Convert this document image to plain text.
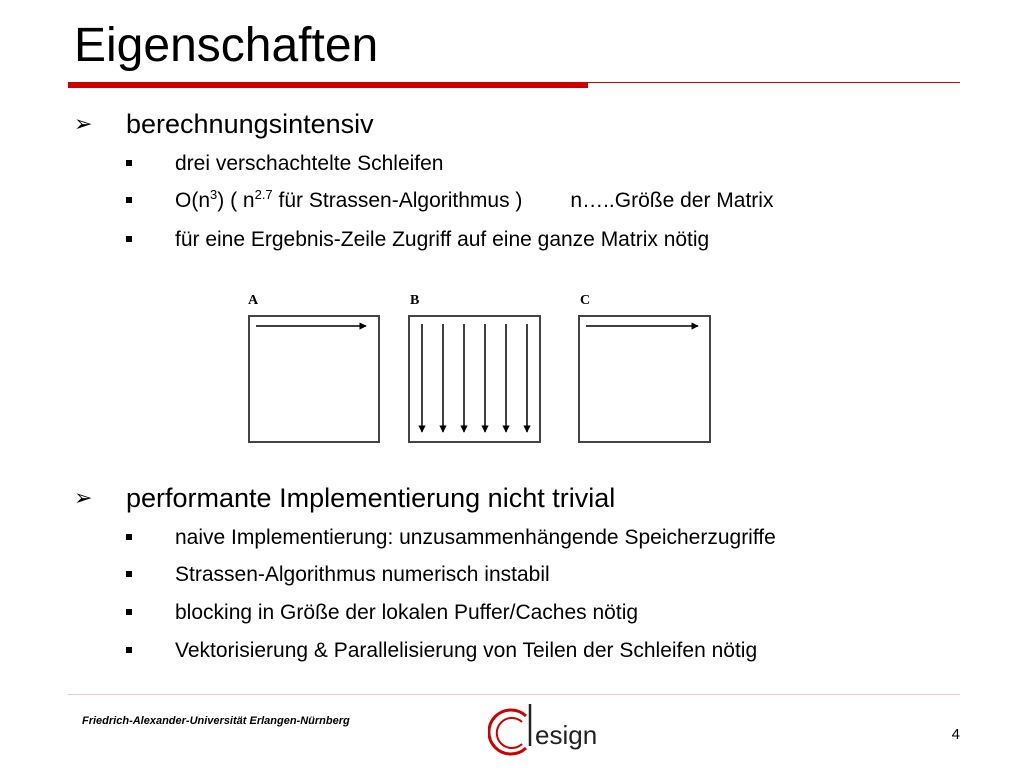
Eigenschaften
➢ berechnungsintensiv
drei verschachtelte Schleifen
$O(n^3)$ ( $n^{2.7}$ für Strassen-Algorithmus ) n…..Größe der Matrix
für eine Ergebnis-Zeile Zugriff auf eine ganze Matrix nötig
A	B	C
➢ performante Implementierung nicht trivial
naive Implementierung: unzusammenhängende Speicherzugriffe
Strassen-Algorithmus numerisch instabil
blocking in Größe der lokalen Puffer/Caches nötig
Vektorisierung & Parallelisierung von Teilen der Schleifen nötig
Friedrich-Alexander-Universität Erlangen-Nürnberg	esign	4
